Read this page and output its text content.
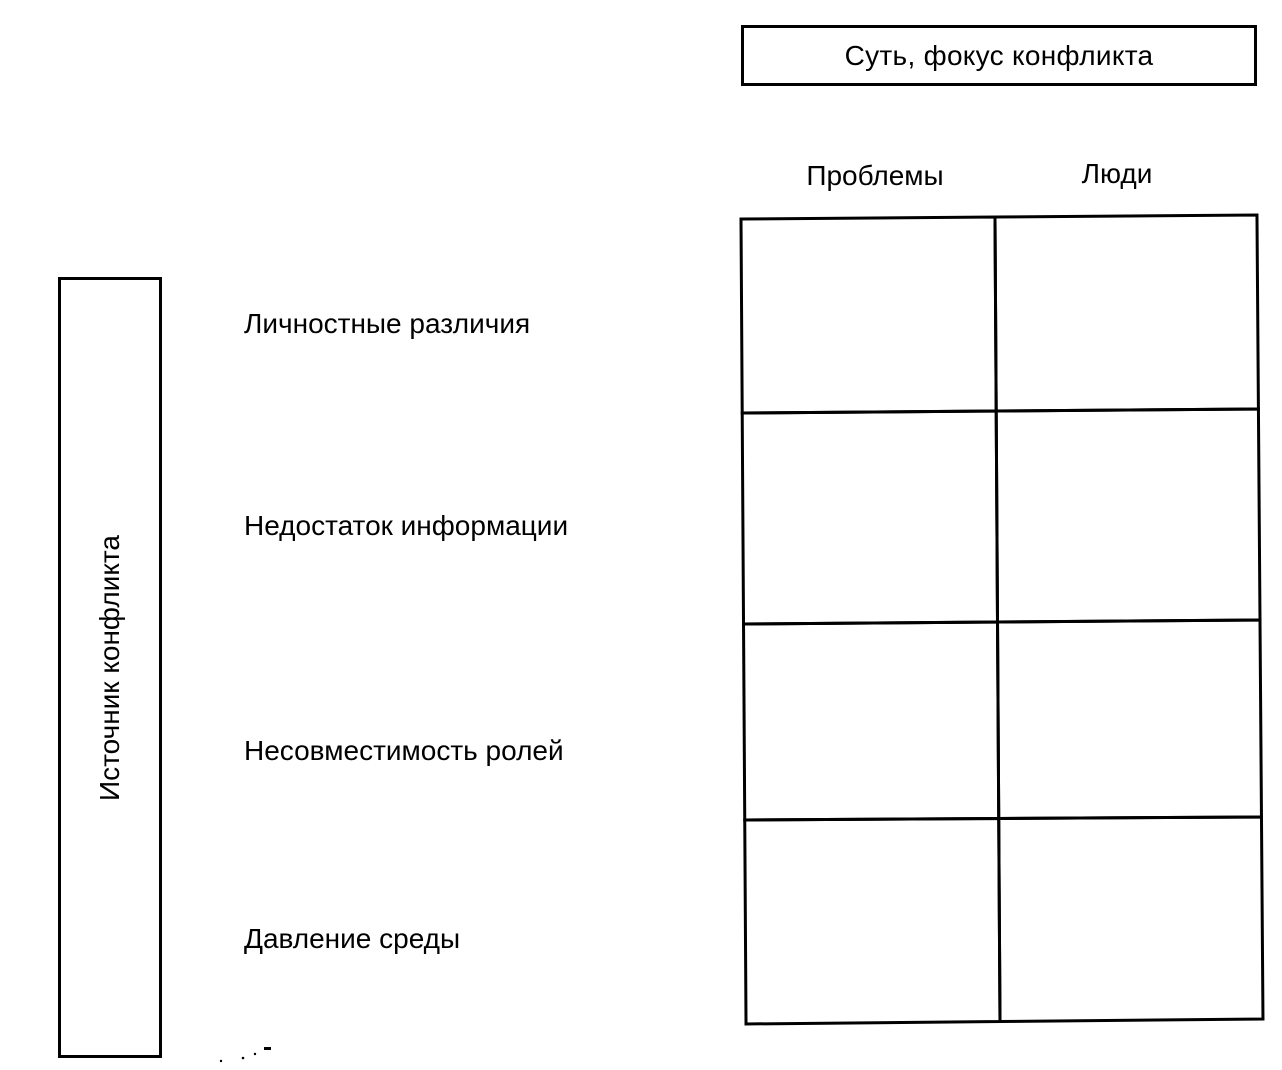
Суть, фокус конфликта
Проблемы	Люди
Источник конфликта
Личностные различия
Недостаток информации
Несовместимость ролей
Давление среды
